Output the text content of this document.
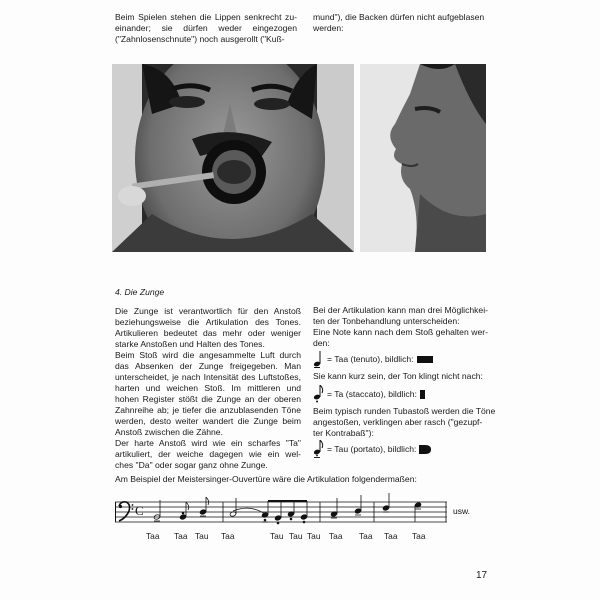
Beim Spielen stehen die Lippen senkrecht zu-
einander; sie dürfen weder eingezogen
("Zahnlosenschnute") noch ausgerollt ("Kuß-
mund"), die Backen dürfen nicht aufgeblasen
werden:
4. Die Zunge
Die Zunge ist verantwortlich für den Anstoß
beziehungsweise die Artikulation des Tones.
Artikulieren bedeutet das mehr oder weniger
starke Anstoßen und Halten des Tones.
Beim Stoß wird die angesammelte Luft durch
das Absenken der Zunge freigegeben. Man
unterscheidet, je nach Intensität des Luftstoßes,
harten und weichen Stoß. Im mittleren und
hohen Register stößt die Zunge an der oberen
Zahnreihe ab; je tiefer die anzublasenden Töne
werden, desto weiter wandert die Zunge beim
Anstoß zwischen die Zähne.
Der harte Anstoß wird wie ein scharfes "Ta"
artikuliert, der weiche dagegen wie ein wel-
ches "Da" oder sogar ganz ohne Zunge.
Bei der Artikulation kann man drei Möglichkei-
ten der Tonbehandlung unterscheiden:
Eine Note kann nach dem Stoß gehalten wer-
den:
= Taa (tenuto), bildlich:
Sie kann kurz sein, der Ton klingt nicht nach:
= Ta (staccato), bildlich:
Beim typisch runden Tubastoß werden die Töne
angestoßen, verklingen aber rasch ("gezupf-
ter Kontrabaß"):
= Tau (portato), bildlich:
Am Beispiel der Meistersinger-Ouvertüre wäre die Artikulation folgendermaßen:
C	usw.
Taa Taa Tau Taa	Tau Tau Tau Taa Taa Taa Taa
17
